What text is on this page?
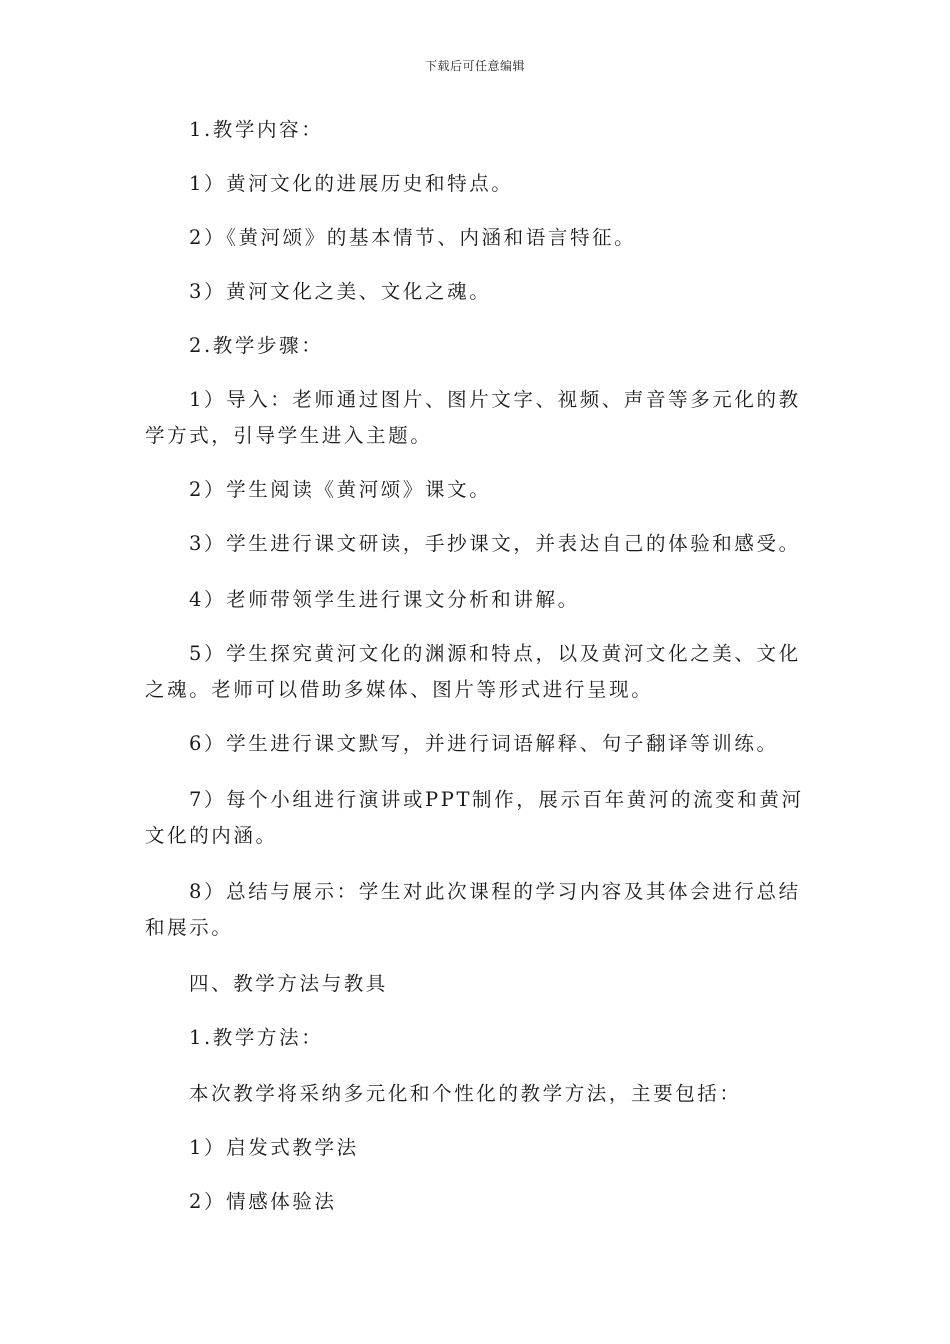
下载后可任意编辑
1.教学内容：
1）黄河文化的进展历史和特点。
2）《黄河颂》的基本情节、内涵和语言特征。
3）黄河文化之美、文化之魂。
2.教学步骤：
1）导入：老师通过图片、图片文字、视频、声音等多元化的教学方式，引导学生进入主题。
2）学生阅读《黄河颂》课文。
3）学生进行课文研读，手抄课文，并表达自己的体验和感受。
4）老师带领学生进行课文分析和讲解。
5）学生探究黄河文化的渊源和特点，以及黄河文化之美、文化之魂。老师可以借助多媒体、图片等形式进行呈现。
6）学生进行课文默写，并进行词语解释、句子翻译等训练。
7）每个小组进行演讲或PPT制作，展示百年黄河的流变和黄河文化的内涵。
8）总结与展示：学生对此次课程的学习内容及其体会进行总结和展示。
四、教学方法与教具
1.教学方法：
本次教学将采纳多元化和个性化的教学方法，主要包括：
1）启发式教学法
2）情感体验法
